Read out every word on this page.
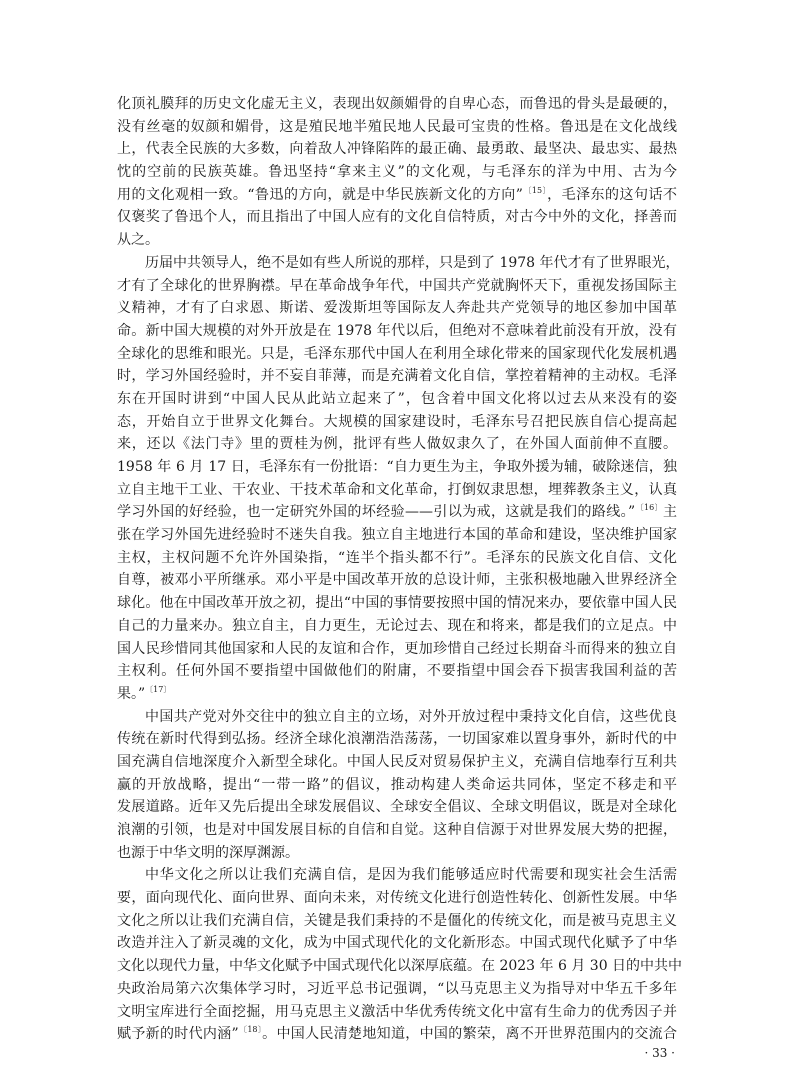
化顶礼膜拜的历史文化虚无主义，表现出奴颜媚骨的自卑心态，而鲁迅的骨头是最硬的，
没有丝毫的奴颜和媚骨，这是殖民地半殖民地人民最可宝贵的性格。鲁迅是在文化战线
上，代表全民族的大多数，向着敌人冲锋陷阵的最正确、最勇敢、最坚决、最忠实、最热
忱的空前的民族英雄。鲁迅坚持“拿来主义”的文化观，与毛泽东的洋为中用、古为今
用的文化观相一致。“鲁迅的方向，就是中华民族新文化的方向”$^{〔15〕}$，毛泽东的这句话不
仅褒奖了鲁迅个人，而且指出了中国人应有的文化自信特质，对古今中外的文化，择善而
从之。
历届中共领导人，绝不是如有些人所说的那样，只是到了 1978 年代才有了世界眼光，
才有了全球化的世界胸襟。早在革命战争年代，中国共产党就胸怀天下，重视发扬国际主
义精神，才有了白求恩、斯诺、爱泼斯坦等国际友人奔赴共产党领导的地区参加中国革
命。新中国大规模的对外开放是在 1978 年代以后，但绝对不意味着此前没有开放，没有
全球化的思维和眼光。只是，毛泽东那代中国人在利用全球化带来的国家现代化发展机遇
时，学习外国经验时，并不妄自菲薄，而是充满着文化自信，掌控着精神的主动权。毛泽
东在开国时讲到“中国人民从此站立起来了”，包含着中国文化将以过去从来没有的姿
态，开始自立于世界文化舞台。大规模的国家建设时，毛泽东号召把民族自信心提高起
来，还以《法门寺》里的贾桂为例，批评有些人做奴隶久了，在外国人面前伸不直腰。
1958 年 6 月 17 日，毛泽东有一份批语：“自力更生为主，争取外援为辅，破除迷信，独
立自主地干工业、干农业、干技术革命和文化革命，打倒奴隶思想，埋葬教条主义，认真
学习外国的好经验，也一定研究外国的坏经验——引以为戒，这就是我们的路线。”$^{〔16〕}$主
张在学习外国先进经验时不迷失自我。独立自主地进行本国的革命和建设，坚决维护国家
主权，主权问题不允许外国染指，“连半个指头都不行”。毛泽东的民族文化自信、文化
自尊，被邓小平所继承。邓小平是中国改革开放的总设计师，主张积极地融入世界经济全
球化。他在中国改革开放之初，提出“中国的事情要按照中国的情况来办，要依靠中国人民
自己的力量来办。独立自主，自力更生，无论过去、现在和将来，都是我们的立足点。中
国人民珍惜同其他国家和人民的友谊和合作，更加珍惜自己经过长期奋斗而得来的独立自
主权利。任何外国不要指望中国做他们的附庸，不要指望中国会吞下损害我国利益的苦
果。”$^{〔17〕}$
中国共产党对外交往中的独立自主的立场，对外开放过程中秉持文化自信，这些优良
传统在新时代得到弘扬。经济全球化浪潮浩浩荡荡，一切国家难以置身事外，新时代的中
国充满自信地深度介入新型全球化。中国人民反对贸易保护主义，充满自信地奉行互利共
赢的开放战略，提出“一带一路”的倡议，推动构建人类命运共同体，坚定不移走和平
发展道路。近年又先后提出全球发展倡议、全球安全倡议、全球文明倡议，既是对全球化
浪潮的引领，也是对中国发展目标的自信和自觉。这种自信源于对世界发展大势的把握，
也源于中华文明的深厚渊源。
中华文化之所以让我们充满自信，是因为我们能够适应时代需要和现实社会生活需
要，面向现代化、面向世界、面向未来，对传统文化进行创造性转化、创新性发展。中华
文化之所以让我们充满自信，关键是我们秉持的不是僵化的传统文化，而是被马克思主义
改造并注入了新灵魂的文化，成为中国式现代化的文化新形态。中国式现代化赋予了中华
文化以现代力量，中华文化赋予中国式现代化以深厚底蕴。在 2023 年 6 月 30 日的中共中
央政治局第六次集体学习时，习近平总书记强调，“以马克思主义为指导对中华五千多年
文明宝库进行全面挖掘，用马克思主义激活中华优秀传统文化中富有生命力的优秀因子并
赋予新的时代内涵”$^{〔18〕}$。中国人民清楚地知道，中国的繁荣，离不开世界范围内的交流合
· 33 ·
